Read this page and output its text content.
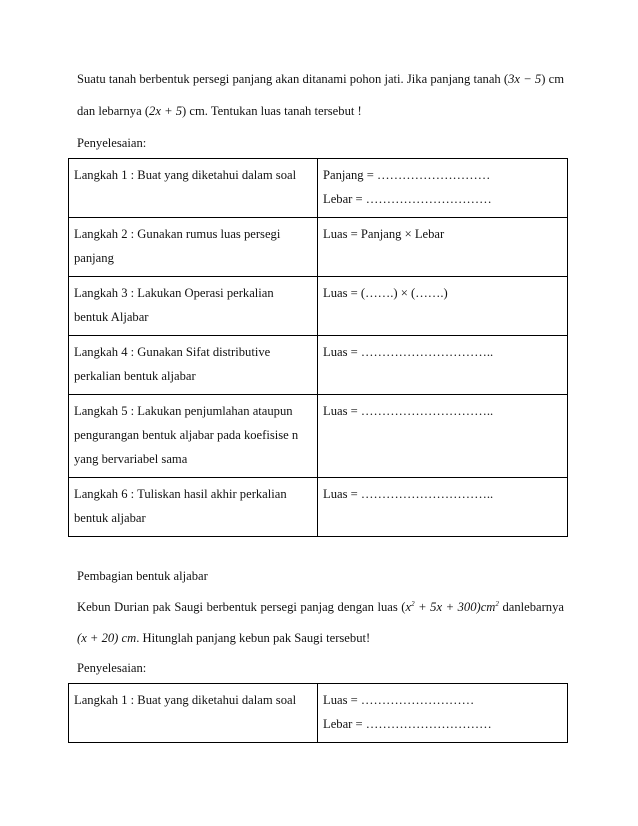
Suatu tanah berbentuk persegi panjang akan ditanami pohon jati. Jika panjang tanah (3x − 5) cm
dan lebarnya (2x + 5) cm. Tentukan luas tanah tersebut !
Penyelesaian:
Langkah 1 : Buat yang diketahui dalam soal	Panjang = ………………………
Lebar = …………………………

Langkah 2 : Gunakan rumus luas persegi
panjang	Luas = Panjang × Lebar

Langkah 3 : Lakukan Operasi perkalian
bentuk Aljabar	Luas = (…….) × (…….)

Langkah 4 : Gunakan Sifat distributive
perkalian bentuk aljabar	Luas = …………………………..

Langkah 5 : Lakukan penjumlahan ataupun
pengurangan bentuk aljabar pada koefisise n
yang bervariabel sama	Luas = …………………………..

Langkah 6 : Tuliskan hasil akhir perkalian
bentuk aljabar	Luas = …………………………..
Pembagian bentuk aljabar
Kebun Durian pak Saugi berbentuk persegi panjag dengan luas $(x^2 + 5x + 300)cm^2$ danlebarnya
(x + 20) cm. Hitunglah panjang kebun pak Saugi tersebut!
Penyelesaian:
Langkah 1 : Buat yang diketahui dalam soal	Luas = ………………………
Lebar = …………………………
